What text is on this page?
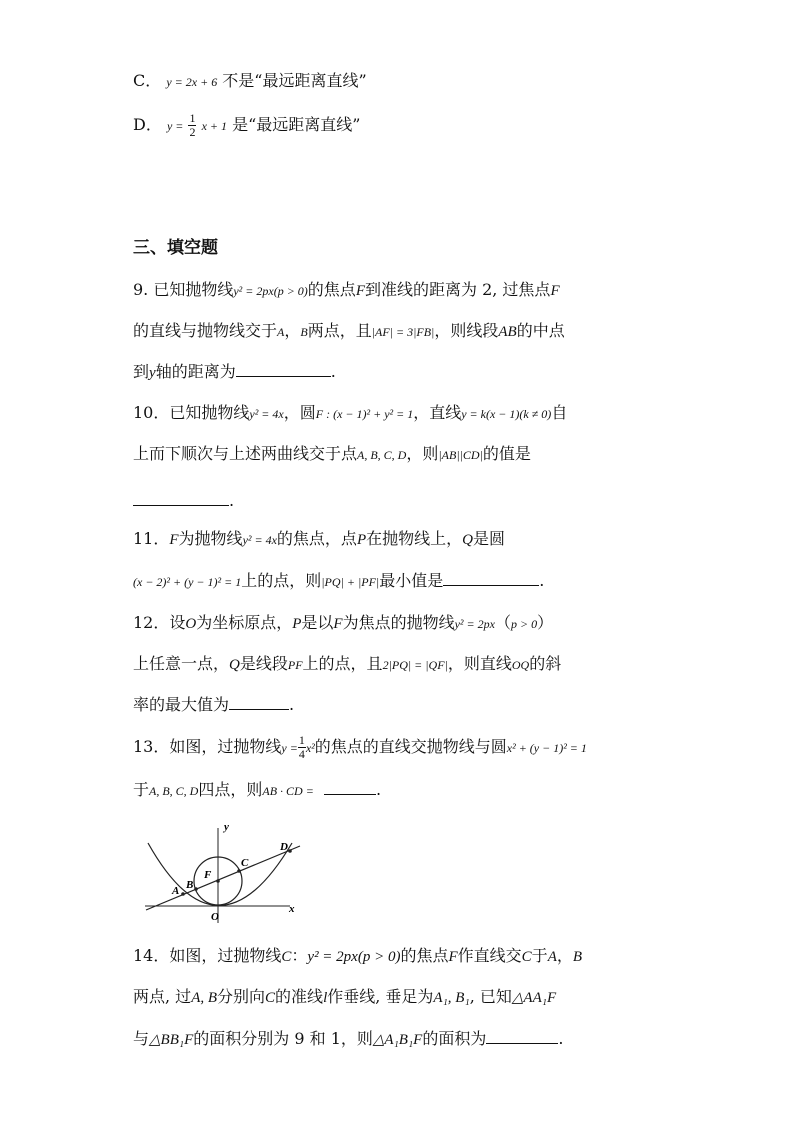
C． y = 2x + 6 不是“最远距离直线”
D． $y = \frac{1}{2}$ x + 1 是“最远距离直线”
三、填空题
9. 已知抛物线y² = 2px(p > 0)的焦点F到准线的距离为 2, 过焦点F
的直线与抛物线交于A，B两点，且|AF| = 3|FB|，则线段AB的中点
到y轴的距离为	.
10．已知抛物线y² = 4x，圆F : (x − 1)² + y² = 1，直线y = k(x − 1)(k ≠ 0)自
上而下顺次与上述两曲线交于点A, B, C, D，则|AB||CD|的值是
.
11．F为抛物线y² = 4x的焦点，点P在抛物线上，Q是圆
(x − 2)² + (y − 1)² = 1上的点，则|PQ| + |PF|最小值是	.
12．设O为坐标原点，P是以F为焦点的抛物线y² = 2px（p > 0）
上任意一点，Q是线段PF上的点，且2|PQ| = |QF|，则直线OQ的斜
率的最大值为	.
13．如图，过抛物线$y = \frac{1}{4} x^2$的焦点的直线交抛物线与圆x² + (y − 1)² = 1
于A, B, C, D四点，则AB · CD =	.
y
D
C
F
B
A
O
x
14．如图，过抛物线C：y² = 2px(p > 0)的焦点F作直线交C于A，B
两点, 过A, B分别向C的准线l作垂线, 垂足为A₁, B₁, 已知△AA₁F
与△BB₁F的面积分别为 9 和 1，则△A₁B₁F的面积为	.
